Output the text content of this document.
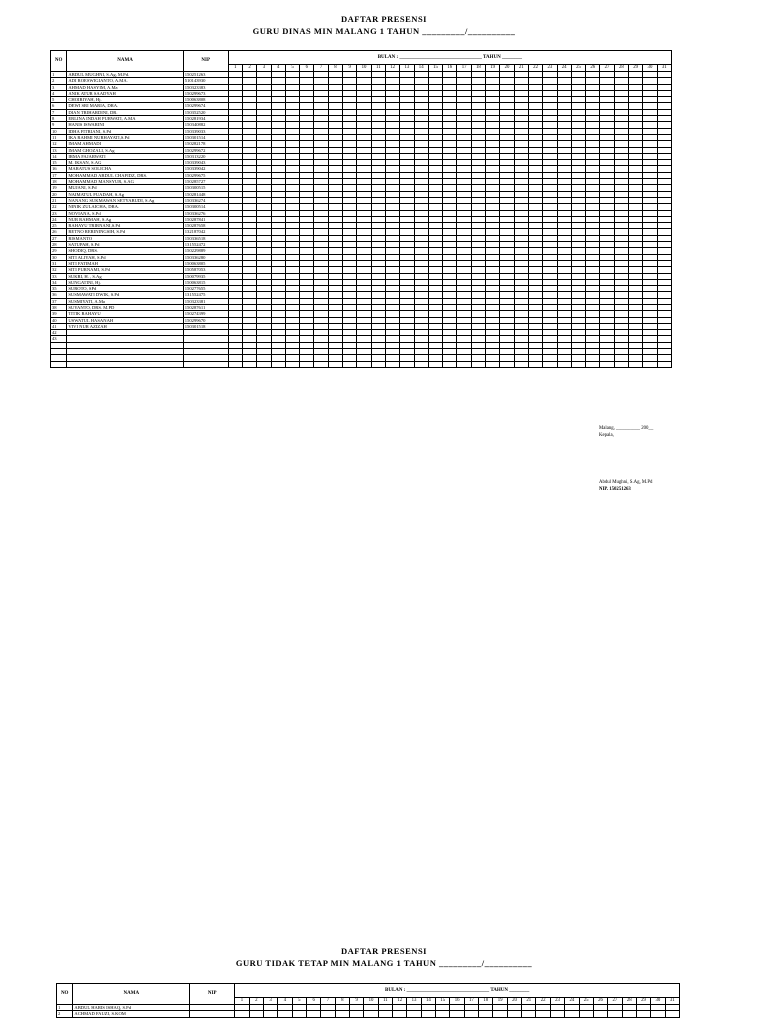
DAFTAR PRESENSI
GURU DINAS MIN MALANG 1 TAHUN _________/__________
NO	NAMA	NIP	BULAN : _________________________________ TAHUN ________																														
			1	2	3	4	5	6	7	8	9	10	11	12	13	14	15	16	17	18	19	20	21	22	23	24	25	26	27	28	29	30	31
1	ABDUL MUGHNI, S.Ag, M.Pd.	150251263																															
2	ADI ROESWIGIANTO, A.MA.	510143930																															
3	AHMAD HASYIM, A.Ma	150323383																															
4	ANIK ATUR SAADYAH	150299673																															
5	CHOIRIYAH, Hj.	150063808																															
6	DEWI SRI MARIA, DRA.	150299674																															
7	DIAN TRIHARDINI, DR.	150352520																															
8	ERLINA INDAH PURWATI, A.MA	150281934																															
9	HANIS ISWARINI	150340882																															
10	IDHA FITRIANI, S.Pd	150339033																															
11	IKA RAHMI NURHAYATI,S.Pd	150301514																															
12	IMAM AHMADI	150282178																															
13	IMAM GHOZALI, S.Ag	150299672																															
14	IRMA FAJARWATI	150313220																															
15	M. IKSAN, S.AG	150339043																															
16	MARATUS SOLICHA	150339042																															
17	MOHAMMAD ABDUL CHAFIDZ, DRS.	150299675																															
18	MOHAMMAD MANSYUR, S.AG	150285727																															
19	MUJANI, S.Pd	150300515																															
20	NAIMATUL FUADAH, S.Ag	150281448																															
21	NANANG SUKMAWAN SETYABUDI, S.Ag	150336274																															
22	NINIK ZULAICHA, DRA.	150300514																															
23	NOVIANA, S.Pd	150336276																															
24	NUR RAHMAH, S.Ag	150287841																															
25	RAHAYU TRIRNANI,S.Pd	150287658																															
26	RETNO RERININGSIH, S.Pd	132187042																															
27	RISMANTO	150336518																															
28	SATUPAH, S.Pd	131552472																															
29	SHODIQ, DRS.	150229889																															
30	SITI ALIYAH, S.Pd	150336280																															
31	SITI FATIMAH	150063805																															
32	SITI PURNAMI, S.Pd	150587053																															
33	SUKRI, H. , S.Ag	150079935																															
34	SUNGATINI, Hj.	150063815																															
35	SUROTO, SPd	150277655																															
36	SUSMAWATI DWIK, S.Pd	131552475																															
37	SUSMIYATI, A.Ma	150323381																															
38	SUYANTO, DRS. M.PD	150287611																															
39	TITIK RAHAYU	150274399																															
40	USWATUL HASANAH	150299670																															
41	VIVI NUR AZIZAH	150301518																															
42																																	
43																																	

Malang, __________ 200__
Kepala,
Abdul Mughni, S.Ag, M.Pd
NIP. 150251263
DAFTAR PRESENSI
GURU TIDAK TETAP MIN MALANG 1 TAHUN _________/__________
NO	NAMA	NIP	BULAN : _________________________________ TAHUN ________																														
			1	2	3	4	5	6	7	8	9	10	11	12	13	14	15	16	17	18	19	20	21	22	23	24	25	26	27	28	29	30	31
1	ABDUL HARIS ISHAQ, S.Pd																																
2	ACHMAD FAUZI, S.KOM																																
